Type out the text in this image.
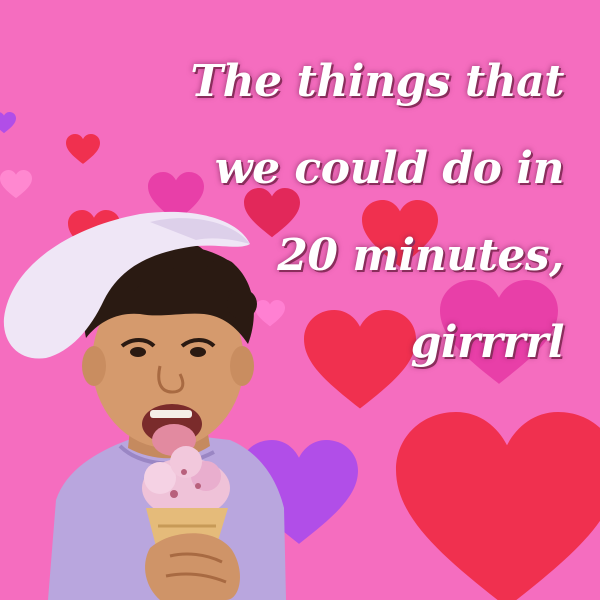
The things that
we could do in
20 minutes,
girrrrl
